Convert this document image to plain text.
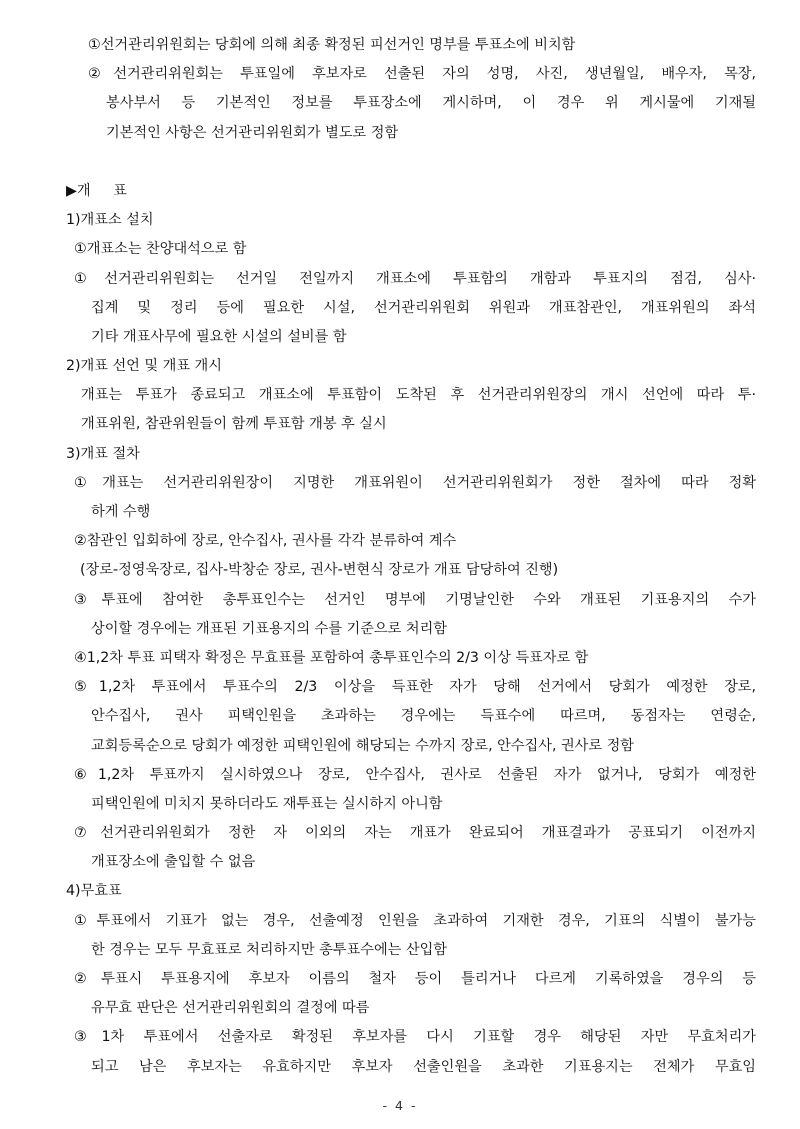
①선거관리위원회는 당회에 의해 최종 확정된 피선거인 명부를 투표소에 비치함
②선거관리위원회는 투표일에 후보자로 선출된 자의 성명, 사진, 생년월일, 배우자, 목장,
봉사부서 등 기본적인 정보를 투표장소에 게시하며, 이 경우 위 게시물에 기재될
기본적인 사항은 선거관리위원회가 별도로 정함
▶개 표
1)개표소 설치
①개표소는 찬양대석으로 함
①선거관리위원회는 선거일 전일까지 개표소에 투표함의 개함과 투표지의 점검, 심사·
집계 및 정리 등에 필요한 시설, 선거관리위원회 위원과 개표참관인, 개표위원의 좌석
기타 개표사무에 필요한 시설의 설비를 함
2)개표 선언 및 개표 개시
개표는 투표가 종료되고 개표소에 투표함이 도착된 후 선거관리위원장의 개시 선언에 따라 투·
개표위원, 참관위원들이 함께 투표함 개봉 후 실시
3)개표 절차
①개표는 선거관리위원장이 지명한 개표위원이 선거관리위원회가 정한 절차에 따라 정확
하게 수행
②참관인 입회하에 장로, 안수집사, 권사를 각각 분류하여 계수
(장로-정영욱장로, 집사-박창순 장로, 권사-변현식 장로가 개표 담당하여 진행)
③투표에 참여한 총투표인수는 선거인 명부에 기명날인한 수와 개표된 기표용지의 수가
상이할 경우에는 개표된 기표용지의 수를 기준으로 처리함
④1,2차 투표 피택자 확정은 무효표를 포함하여 총투표인수의 2/3 이상 득표자로 함
⑤1,2차 투표에서 투표수의 2/3 이상을 득표한 자가 당해 선거에서 당회가 예정한 장로,
안수집사, 권사 피택인원을 초과하는 경우에는 득표수에 따르며, 동점자는 연령순,
교회등록순으로 당회가 예정한 피택인원에 해당되는 수까지 장로, 안수집사, 권사로 정함
⑥1,2차 투표까지 실시하였으나 장로, 안수집사, 권사로 선출된 자가 없거나, 당회가 예정한
피택인원에 미치지 못하더라도 재투표는 실시하지 아니함
⑦선거관리위원회가 정한 자 이외의 자는 개표가 완료되어 개표결과가 공표되기 이전까지
개표장소에 출입할 수 없음
4)무효표
①투표에서 기표가 없는 경우, 선출예정 인원을 초과하여 기재한 경우, 기표의 식별이 불가능
한 경우는 모두 무효표로 처리하지만 총투표수에는 산입함
②투표시 투표용지에 후보자 이름의 철자 등이 틀리거나 다르게 기록하였을 경우의 등
유무효 판단은 선거관리위원회의 결정에 따름
③1차 투표에서 선출자로 확정된 후보자를 다시 기표할 경우 해당된 자만 무효처리가
되고 남은 후보자는 유효하지만 후보자 선출인원을 초과한 기표용지는 전체가 무효임
- 4 -
